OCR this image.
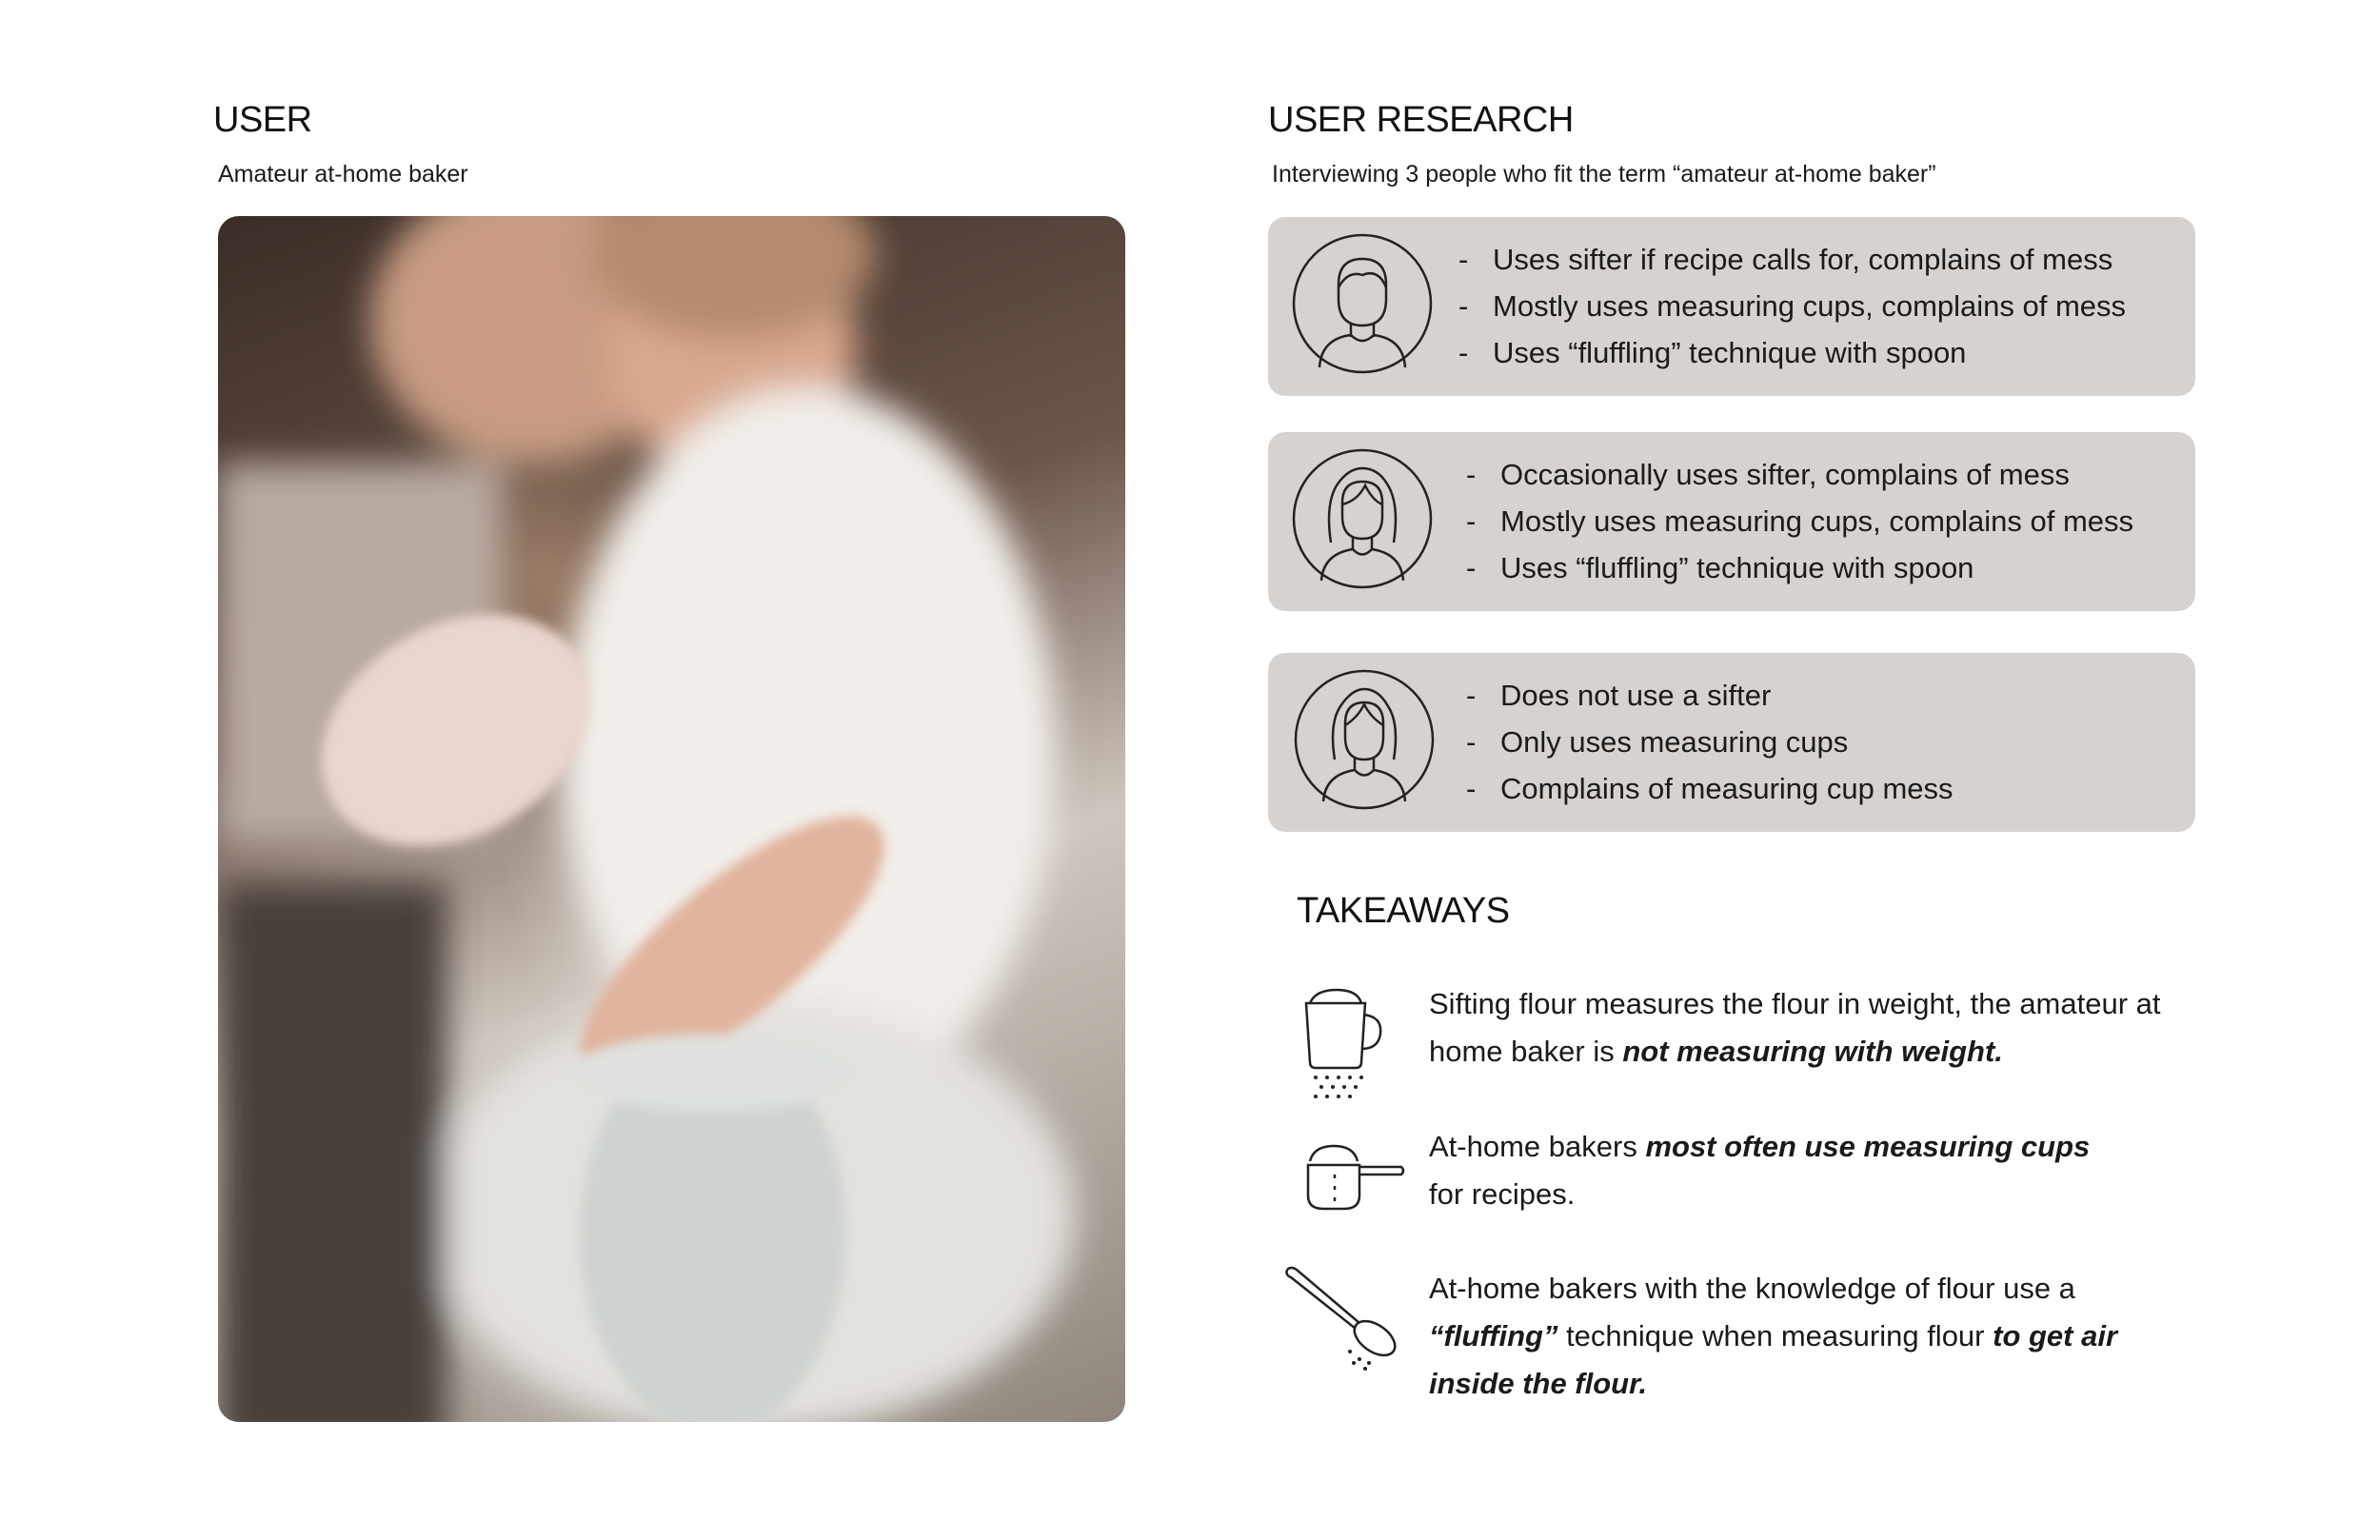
USER
Amateur at-home baker
USER RESEARCH
Interviewing 3 people who fit the term “amateur at-home baker”
- Uses sifter if recipe calls for, complains of mess
- Mostly uses measuring cups, complains of mess
- Uses “fluffling” technique with spoon
- Occasionally uses sifter, complains of mess
- Mostly uses measuring cups, complains of mess
- Uses “fluffling” technique with spoon
- Does not use a sifter
- Only uses measuring cups
- Complains of measuring cup mess
TAKEAWAYS
Sifting flour measures the flour in weight, the amateur at home baker is not measuring with weight.
At-home bakers most often use measuring cups
for recipes.
At-home bakers with the knowledge of flour use a “fluffing” technique when measuring flour to get air inside the flour.
